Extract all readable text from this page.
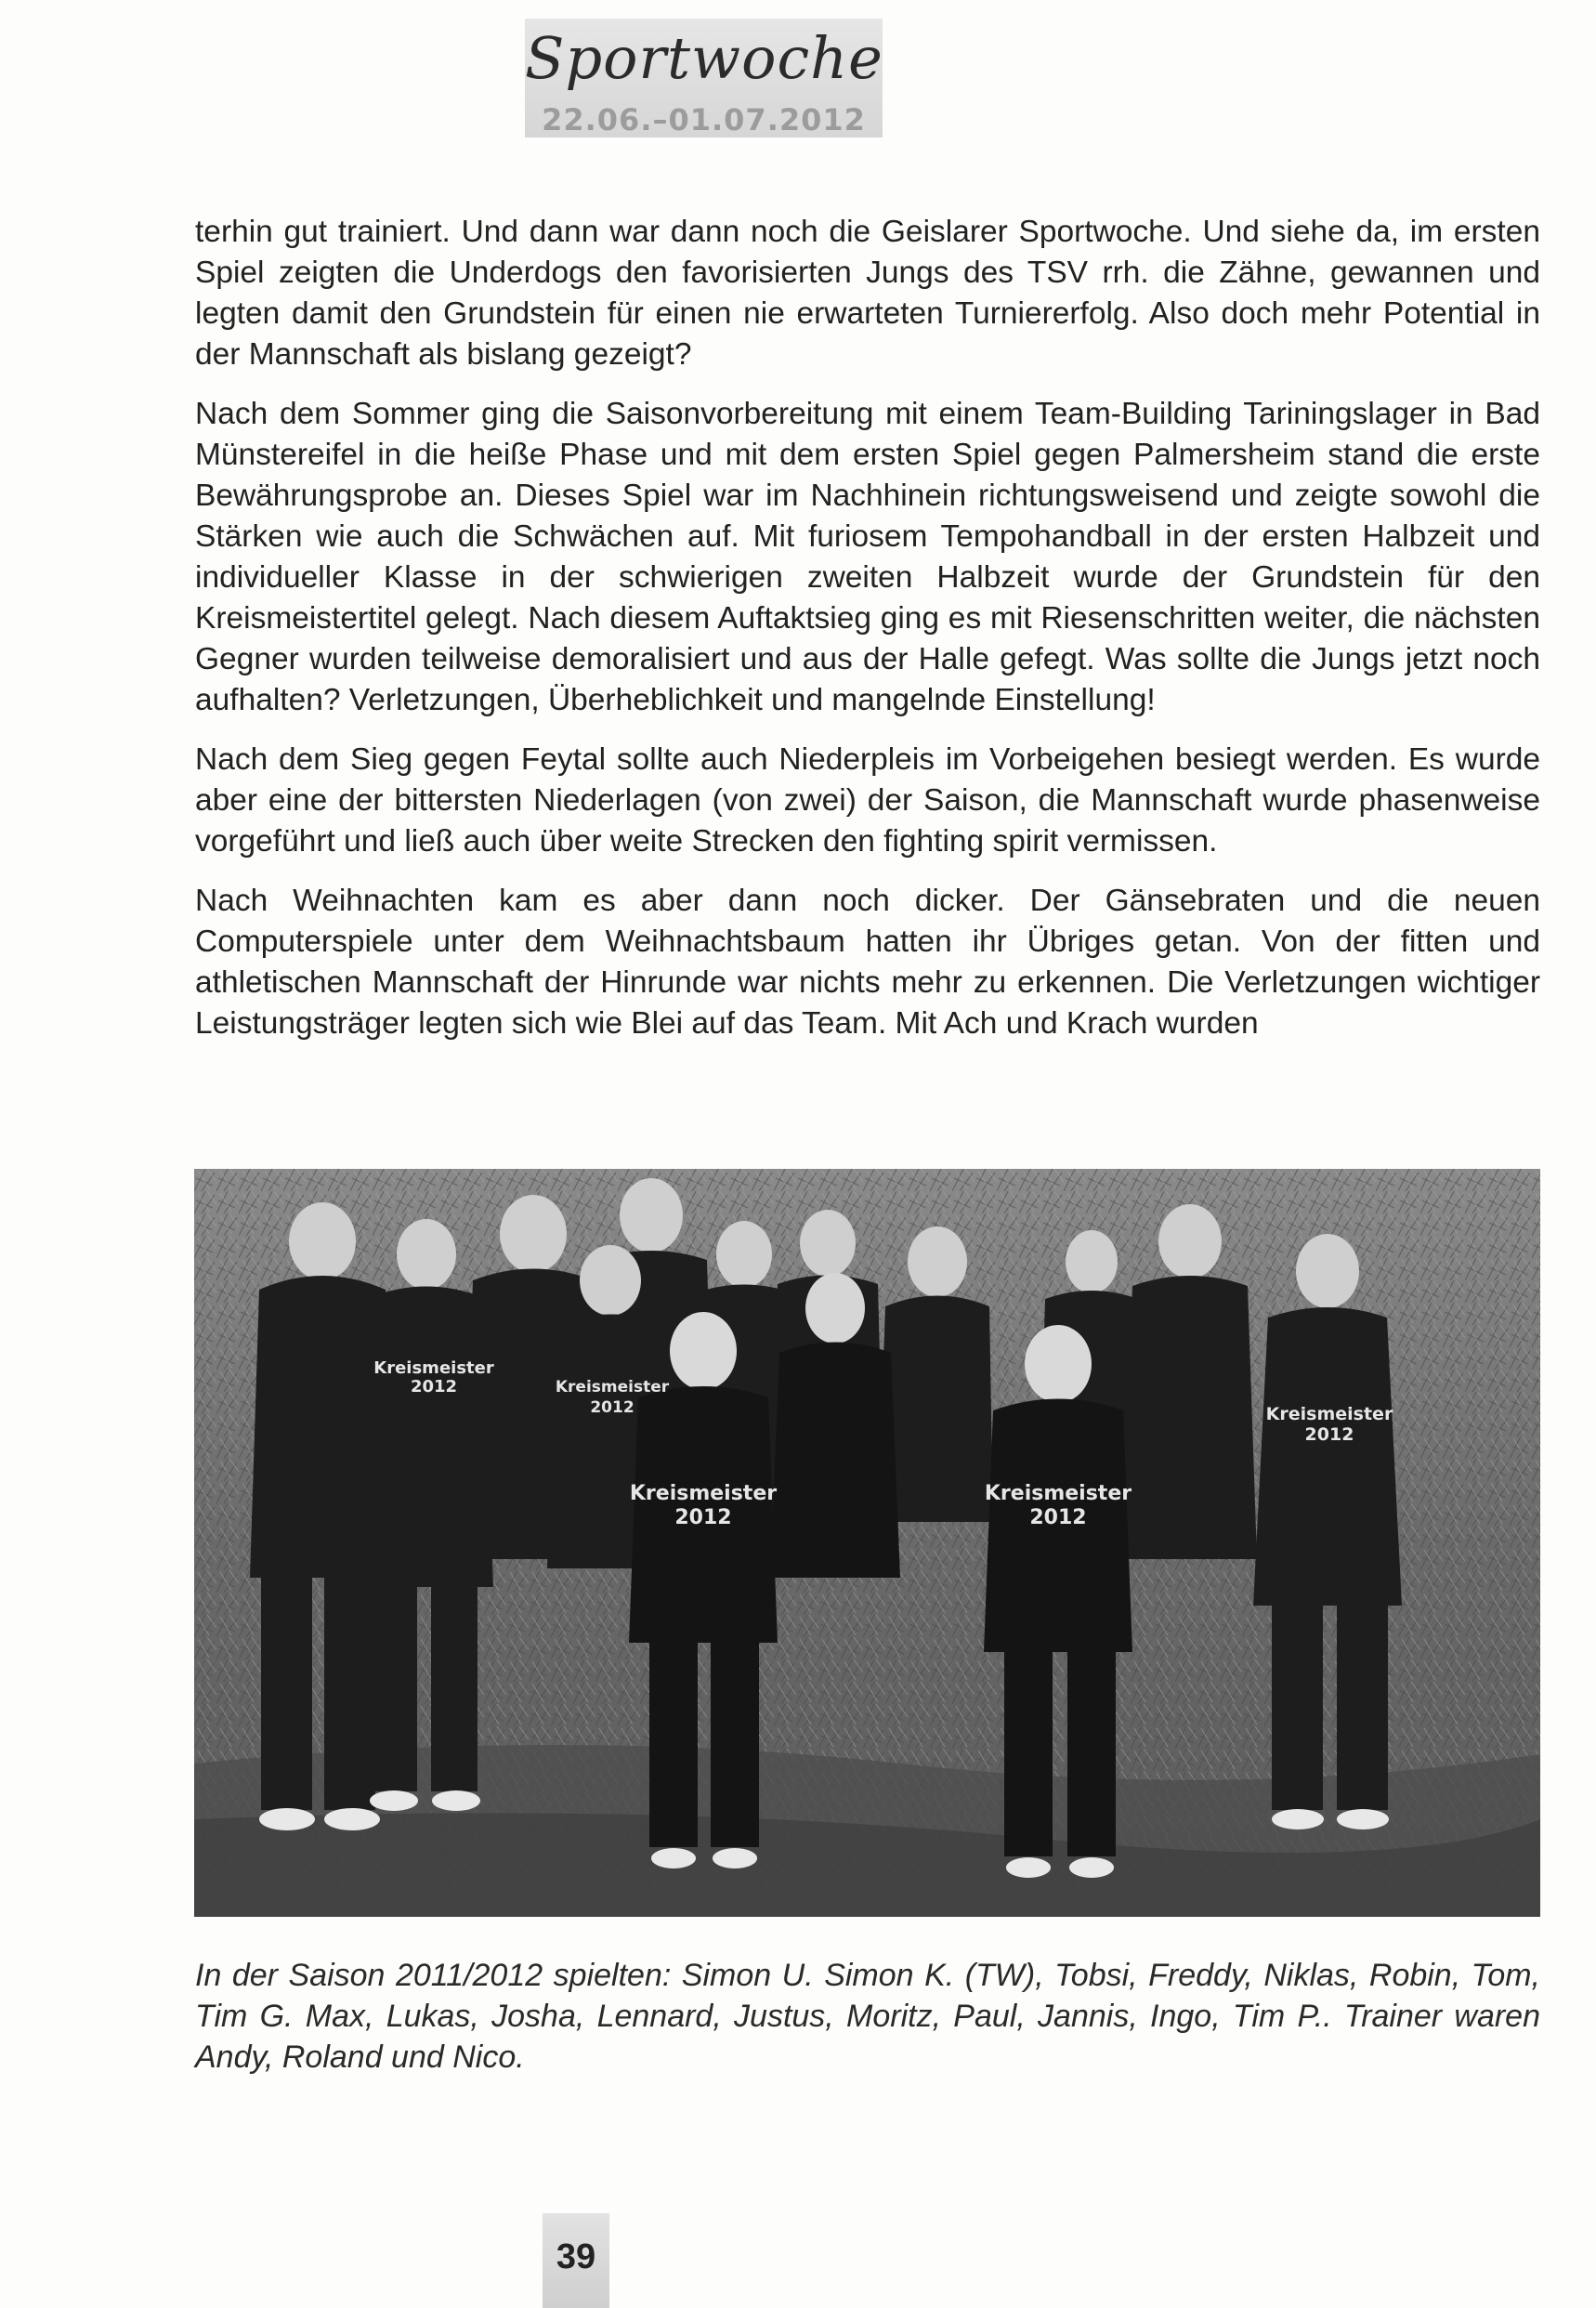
Sportwoche
22.06.–01.07.2012

terhin gut trainiert. Und dann war dann noch die Geislarer Sportwoche. Und siehe da, im ersten Spiel zeigten die Underdogs den favorisierten Jungs des TSV rrh. die Zähne, gewannen und legten damit den Grundstein für einen nie erwarteten Turniererfolg. Also doch mehr Potential in der Mannschaft als bislang gezeigt?

Nach dem Sommer ging die Saisonvorbereitung mit einem Team-Building Tariningslager in Bad Münstereifel in die heiße Phase und mit dem ersten Spiel gegen Palmersheim stand die erste Bewährungsprobe an. Dieses Spiel war im Nachhinein richtungsweisend und zeigte sowohl die Stärken wie auch die Schwächen auf. Mit furiosem Tempohandball in der ersten Halbzeit und individueller Klasse in der schwierigen zweiten Halbzeit wurde der Grundstein für den Kreismeistertitel gelegt. Nach diesem Auftaktsieg ging es mit Riesenschritten weiter, die nächsten Gegner wurden teilweise demoralisiert und aus der Halle gefegt. Was sollte die Jungs jetzt noch aufhalten? Verletzungen, Überheblichkeit und mangelnde Einstellung!

Nach dem Sieg gegen Feytal sollte auch Niederpleis im Vorbeigehen besiegt werden. Es wurde aber eine der bittersten Niederlagen (von zwei) der Saison, die Mannschaft wurde phasenweise vorgeführt und ließ auch über weite Strecken den fighting spirit vermissen.

Nach Weihnachten kam es aber dann noch dicker. Der Gänsebraten und die neuen Computerspiele unter dem Weihnachtsbaum hatten ihr Übriges getan. Von der fitten und athletischen Mannschaft der Hinrunde war nichts mehr zu erkennen. Die Verletzungen wichtiger Leistungsträger legten sich wie Blei auf das Team. Mit Ach und Krach wurden

Kreismeister
2012	Kreismeister
2012
Kreismeister
2012
Kreismeister
2012
Kreismeister
2012
In der Saison 2011/2012 spielten: Simon U. Simon K. (TW), Tobsi, Freddy, Niklas, Robin, Tom, Tim G. Max, Lukas, Josha, Lennard, Justus, Moritz, Paul, Jannis, Ingo, Tim P.. Trainer waren Andy, Roland und Nico.
39
